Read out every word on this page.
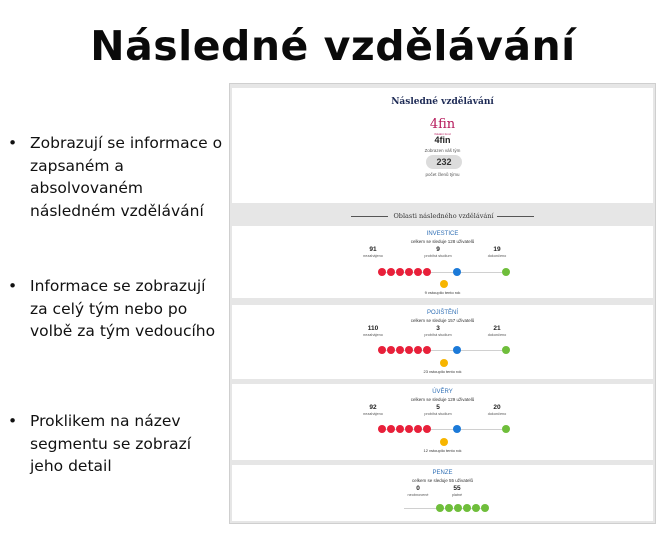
Následné vzdělávání
• Zobrazují se informace o zapsaném a absolvovaném následném vzdělávání
• Informace se zobrazují za celý tým nebo po volbě za tým vedoucího
• Proklikem na název segmentu se zobrazí jeho detail
Následné vzdělávání
4fin
fiskální fond
4fin
Zobrazen váš tým
232
počet členů týmu
Oblasti následného vzdělávání
INVESTICE
celkem se sleduje 128 uživatelů
91
nezahájeno
9
probíhá studium
19
dokončeno
9 vstoupilo tento rok
POJIŠTĚNÍ
celkem se sleduje 157 uživatelů
110
nezahájeno
3
probíhá studium
21
dokončeno
23 vstoupilo tento rok
ÚVĚRY
celkem se sleduje 129 uživatelů
92
nezahájeno
5
probíhá studium
20
dokončeno
12 vstoupilo tento rok
PENZE
celkem se sleduje 55 uživatelů
0
neobnovené
55
platné
